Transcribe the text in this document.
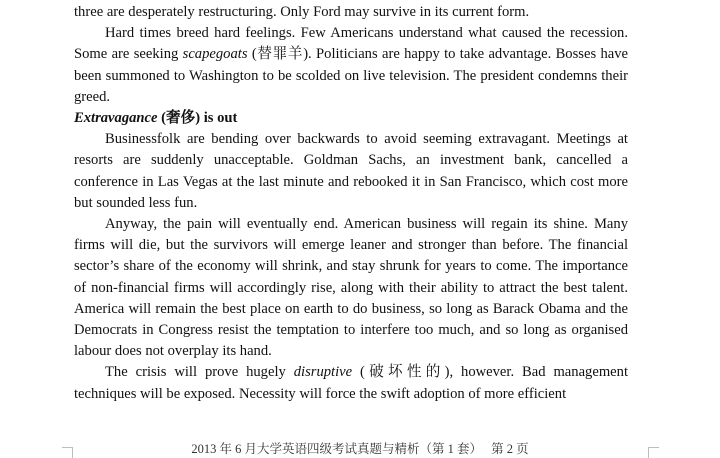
three are desperately restructuring. Only Ford may survive in its current form.

Hard times breed hard feelings. Few Americans understand what caused the recession. Some are seeking scapegoats (替罪羊). Politicians are happy to take advantage. Bosses have been summoned to Washington to be scolded on live television. The president condemns their greed.

Extravagance (奢侈) is out

Businessfolk are bending over backwards to avoid seeming extravagant. Meetings at resorts are suddenly unacceptable. Goldman Sachs, an investment bank, cancelled a conference in Las Vegas at the last minute and rebooked it in San Francisco, which cost more but sounded less fun.

Anyway, the pain will eventually end. American business will regain its shine. Many firms will die, but the survivors will emerge leaner and stronger than before. The financial sector’s share of the economy will shrink, and stay shrunk for years to come. The importance of non-financial firms will accordingly rise, along with their ability to attract the best talent. America will remain the best place on earth to do business, so long as Barack Obama and the Democrats in Congress resist the temptation to interfere too much, and so long as organised labour does not overplay its hand.

The crisis will prove hugely disruptive (破坏性的), however. Bad management techniques will be exposed. Necessity will force the swift adoption of more efficient

2013 年 6 月大学英语四级考试真题与精析（第 1 套） 第 2 页
